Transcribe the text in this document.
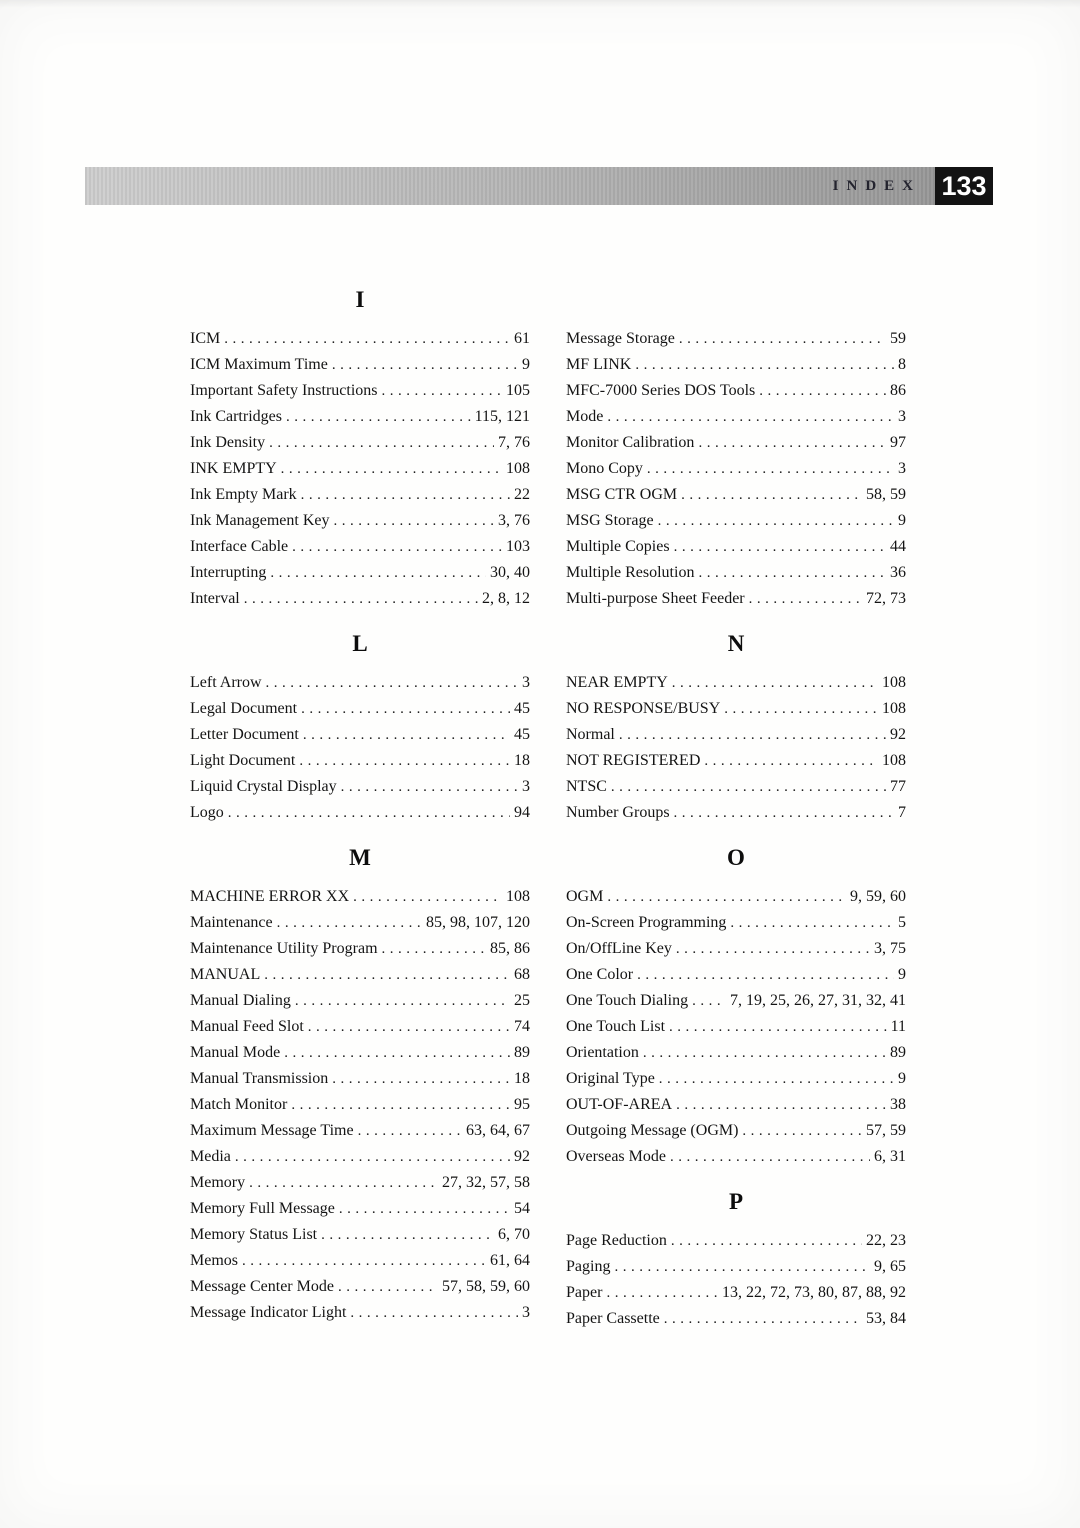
INDEX 133
I
ICM .....	61
ICM Maximum Time .....	9
Important Safety Instructions .....	105
Ink Cartridges .....	115, 121
Ink Density .....	7, 76
INK EMPTY .....	108
Ink Empty Mark .....	22
Ink Management Key .....	3, 76
Interface Cable .....	103
Interrupting .....	30, 40
Interval .....	2, 8, 12
L
Left Arrow .....	3
Legal Document .....	45
Letter Document .....	45
Light Document .....	18
Liquid Crystal Display .....	3
Logo .....	94
M
MACHINE ERROR XX .....	108
Maintenance .....	85, 98, 107, 120
Maintenance Utility Program .....	85, 86
MANUAL .....	68
Manual Dialing .....	25
Manual Feed Slot .....	74
Manual Mode .....	89
Manual Transmission .....	18
Match Monitor .....	95
Maximum Message Time .....	63, 64, 67
Media .....	92
Memory .....	27, 32, 57, 58
Memory Full Message .....	54
Memory Status List .....	6, 70
Memos .....	61, 64
Message Center Mode .....	57, 58, 59, 60
Message Indicator Light .....	3
Message Storage .....	59
MF LINK .....	8
MFC-7000 Series DOS Tools .....	86
Mode .....	3
Monitor Calibration .....	97
Mono Copy .....	3
MSG CTR OGM .....	58, 59
MSG Storage .....	9
Multiple Copies .....	44
Multiple Resolution .....	36
Multi-purpose Sheet Feeder .....	72, 73
N
NEAR EMPTY .....	108
NO RESPONSE/BUSY .....	108
Normal .....	92
NOT REGISTERED .....	108
NTSC .....	77
Number Groups .....	7
O
OGM .....	9, 59, 60
On-Screen Programming .....	5
On/OffLine Key .....	3, 75
One Color .....	9
One Touch Dialing .....	7, 19, 25, 26, 27, 31, 32, 41
One Touch List .....	11
Orientation .....	89
Original Type .....	9
OUT-OF-AREA .....	38
Outgoing Message (OGM) .....	57, 59
Overseas Mode .....	6, 31
P
Page Reduction .....	22, 23
Paging .....	9, 65
Paper .....	13, 22, 72, 73, 80, 87, 88, 92
Paper Cassette .....	53, 84
